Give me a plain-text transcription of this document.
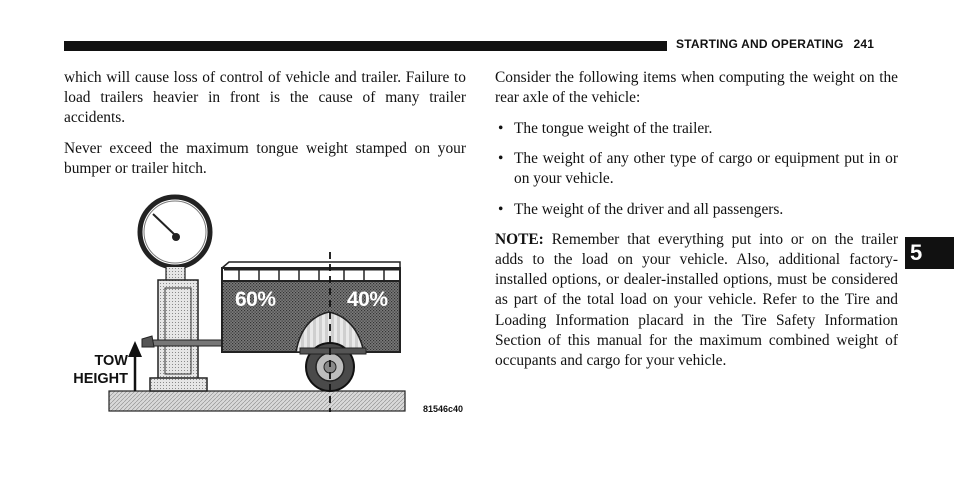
STARTING AND OPERATING 241

which will cause loss of control of vehicle and trailer. Failure to load trailers heavier in front is the cause of many trailer accidents.

Never exceed the maximum tongue weight stamped on your bumper or trailer hitch.

TOW
HEIGHT
60%	40%
81546c40

Consider the following items when computing the weight on the rear axle of the vehicle:

• The tongue weight of the trailer.
• The weight of any other type of cargo or equipment put in or on your vehicle.
• The weight of the driver and all passengers.

NOTE: Remember that everything put into or on the trailer adds to the load on your vehicle. Also, additional factory-installed options, or dealer-installed options, must be considered as part of the total load on your vehicle. Refer to the Tire and Loading Information placard in the Tire Safety Information Section of this manual for the maximum combined weight of occupants and cargo for your vehicle.

5
